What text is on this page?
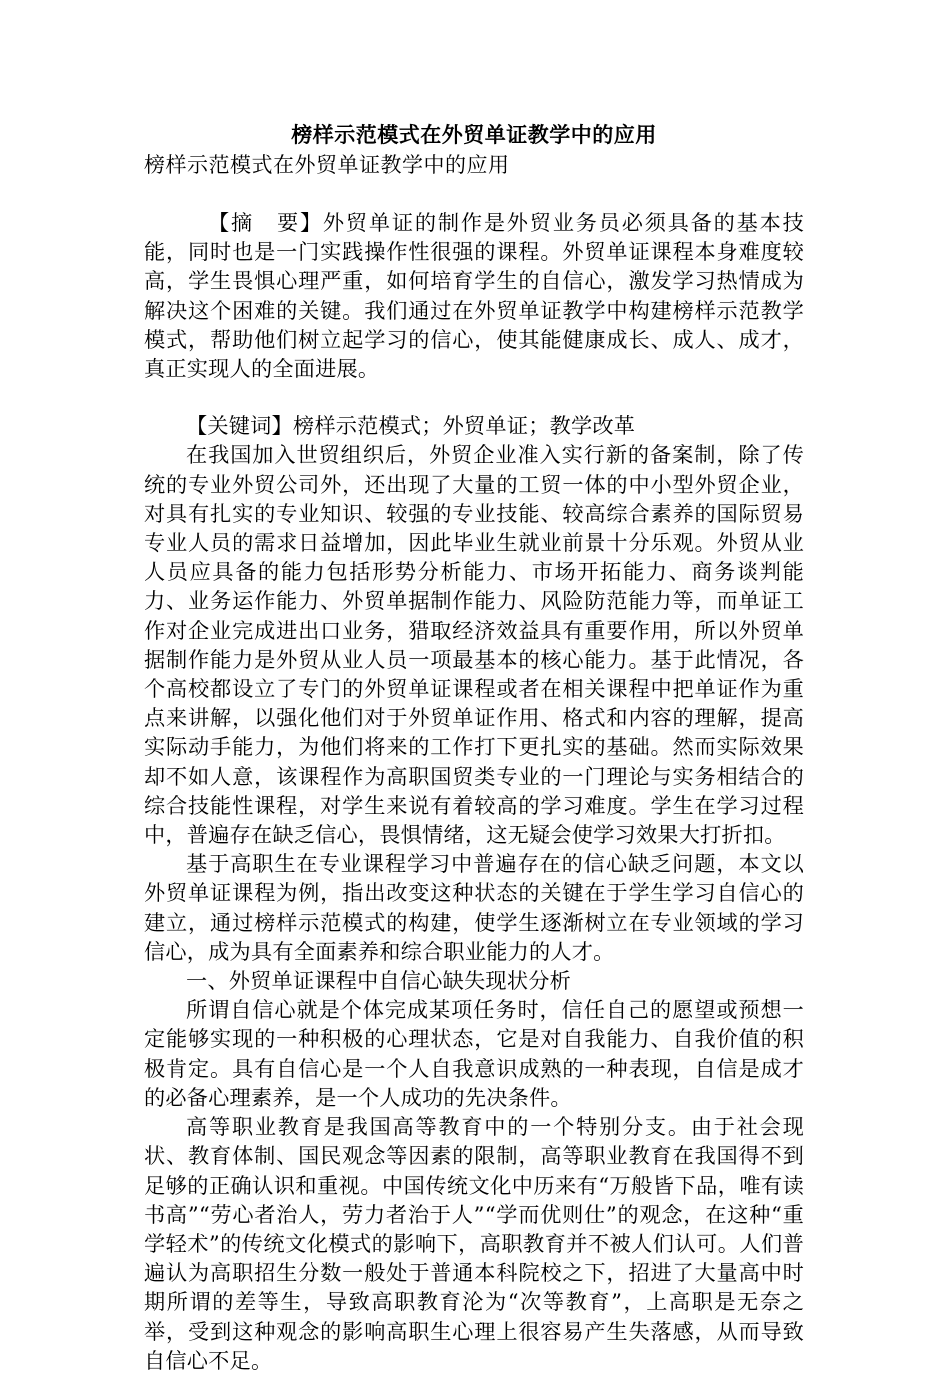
榜样示范模式在外贸单证教学中的应用

榜样示范模式在外贸单证教学中的应用

【摘　要】外贸单证的制作是外贸业务员必须具备的基本技能，同时也是一门实践操作性很强的课程。外贸单证课程本身难度较高，学生畏惧心理严重，如何培育学生的自信心，激发学习热情成为解决这个困难的关键。我们通过在外贸单证教学中构建榜样示范教学模式，帮助他们树立起学习的信心，使其能健康成长、成人、成才，真正实现人的全面进展。

【关键词】榜样示范模式；外贸单证；教学改革

在我国加入世贸组织后，外贸企业准入实行新的备案制，除了传统的专业外贸公司外，还出现了大量的工贸一体的中小型外贸企业，对具有扎实的专业知识、较强的专业技能、较高综合素养的国际贸易专业人员的需求日益增加，因此毕业生就业前景十分乐观。外贸从业人员应具备的能力包括形势分析能力、市场开拓能力、商务谈判能力、业务运作能力、外贸单据制作能力、风险防范能力等，而单证工作对企业完成进出口业务，猎取经济效益具有重要作用，所以外贸单据制作能力是外贸从业人员一项最基本的核心能力。基于此情况，各个高校都设立了专门的外贸单证课程或者在相关课程中把单证作为重点来讲解，以强化他们对于外贸单证作用、格式和内容的理解，提高实际动手能力，为他们将来的工作打下更扎实的基础。然而实际效果却不如人意，该课程作为高职国贸类专业的一门理论与实务相结合的综合技能性课程，对学生来说有着较高的学习难度。学生在学习过程中，普遍存在缺乏信心，畏惧情绪，这无疑会使学习效果大打折扣。

基于高职生在专业课程学习中普遍存在的信心缺乏问题，本文以外贸单证课程为例，指出改变这种状态的关键在于学生学习自信心的建立，通过榜样示范模式的构建，使学生逐渐树立在专业领域的学习信心，成为具有全面素养和综合职业能力的人才。

一、外贸单证课程中自信心缺失现状分析

所谓自信心就是个体完成某项任务时，信任自己的愿望或预想一定能够实现的一种积极的心理状态，它是对自我能力、自我价值的积极肯定。具有自信心是一个人自我意识成熟的一种表现，自信是成才的必备心理素养，是一个人成功的先决条件。

高等职业教育是我国高等教育中的一个特别分支。由于社会现状、教育体制、国民观念等因素的限制，高等职业教育在我国得不到足够的正确认识和重视。中国传统文化中历来有“万般皆下品，唯有读书高”“劳心者治人，劳力者治于人”“学而优则仕”的观念，在这种“重学轻术”的传统文化模式的影响下，高职教育并不被人们认可。人们普遍认为高职招生分数一般处于普通本科院校之下，招进了大量高中时期所谓的差等生，导致高职教育沦为“次等教育”，上高职是无奈之举，受到这种观念的影响高职生心理上很容易产生失落感，从而导致自信心不足。
